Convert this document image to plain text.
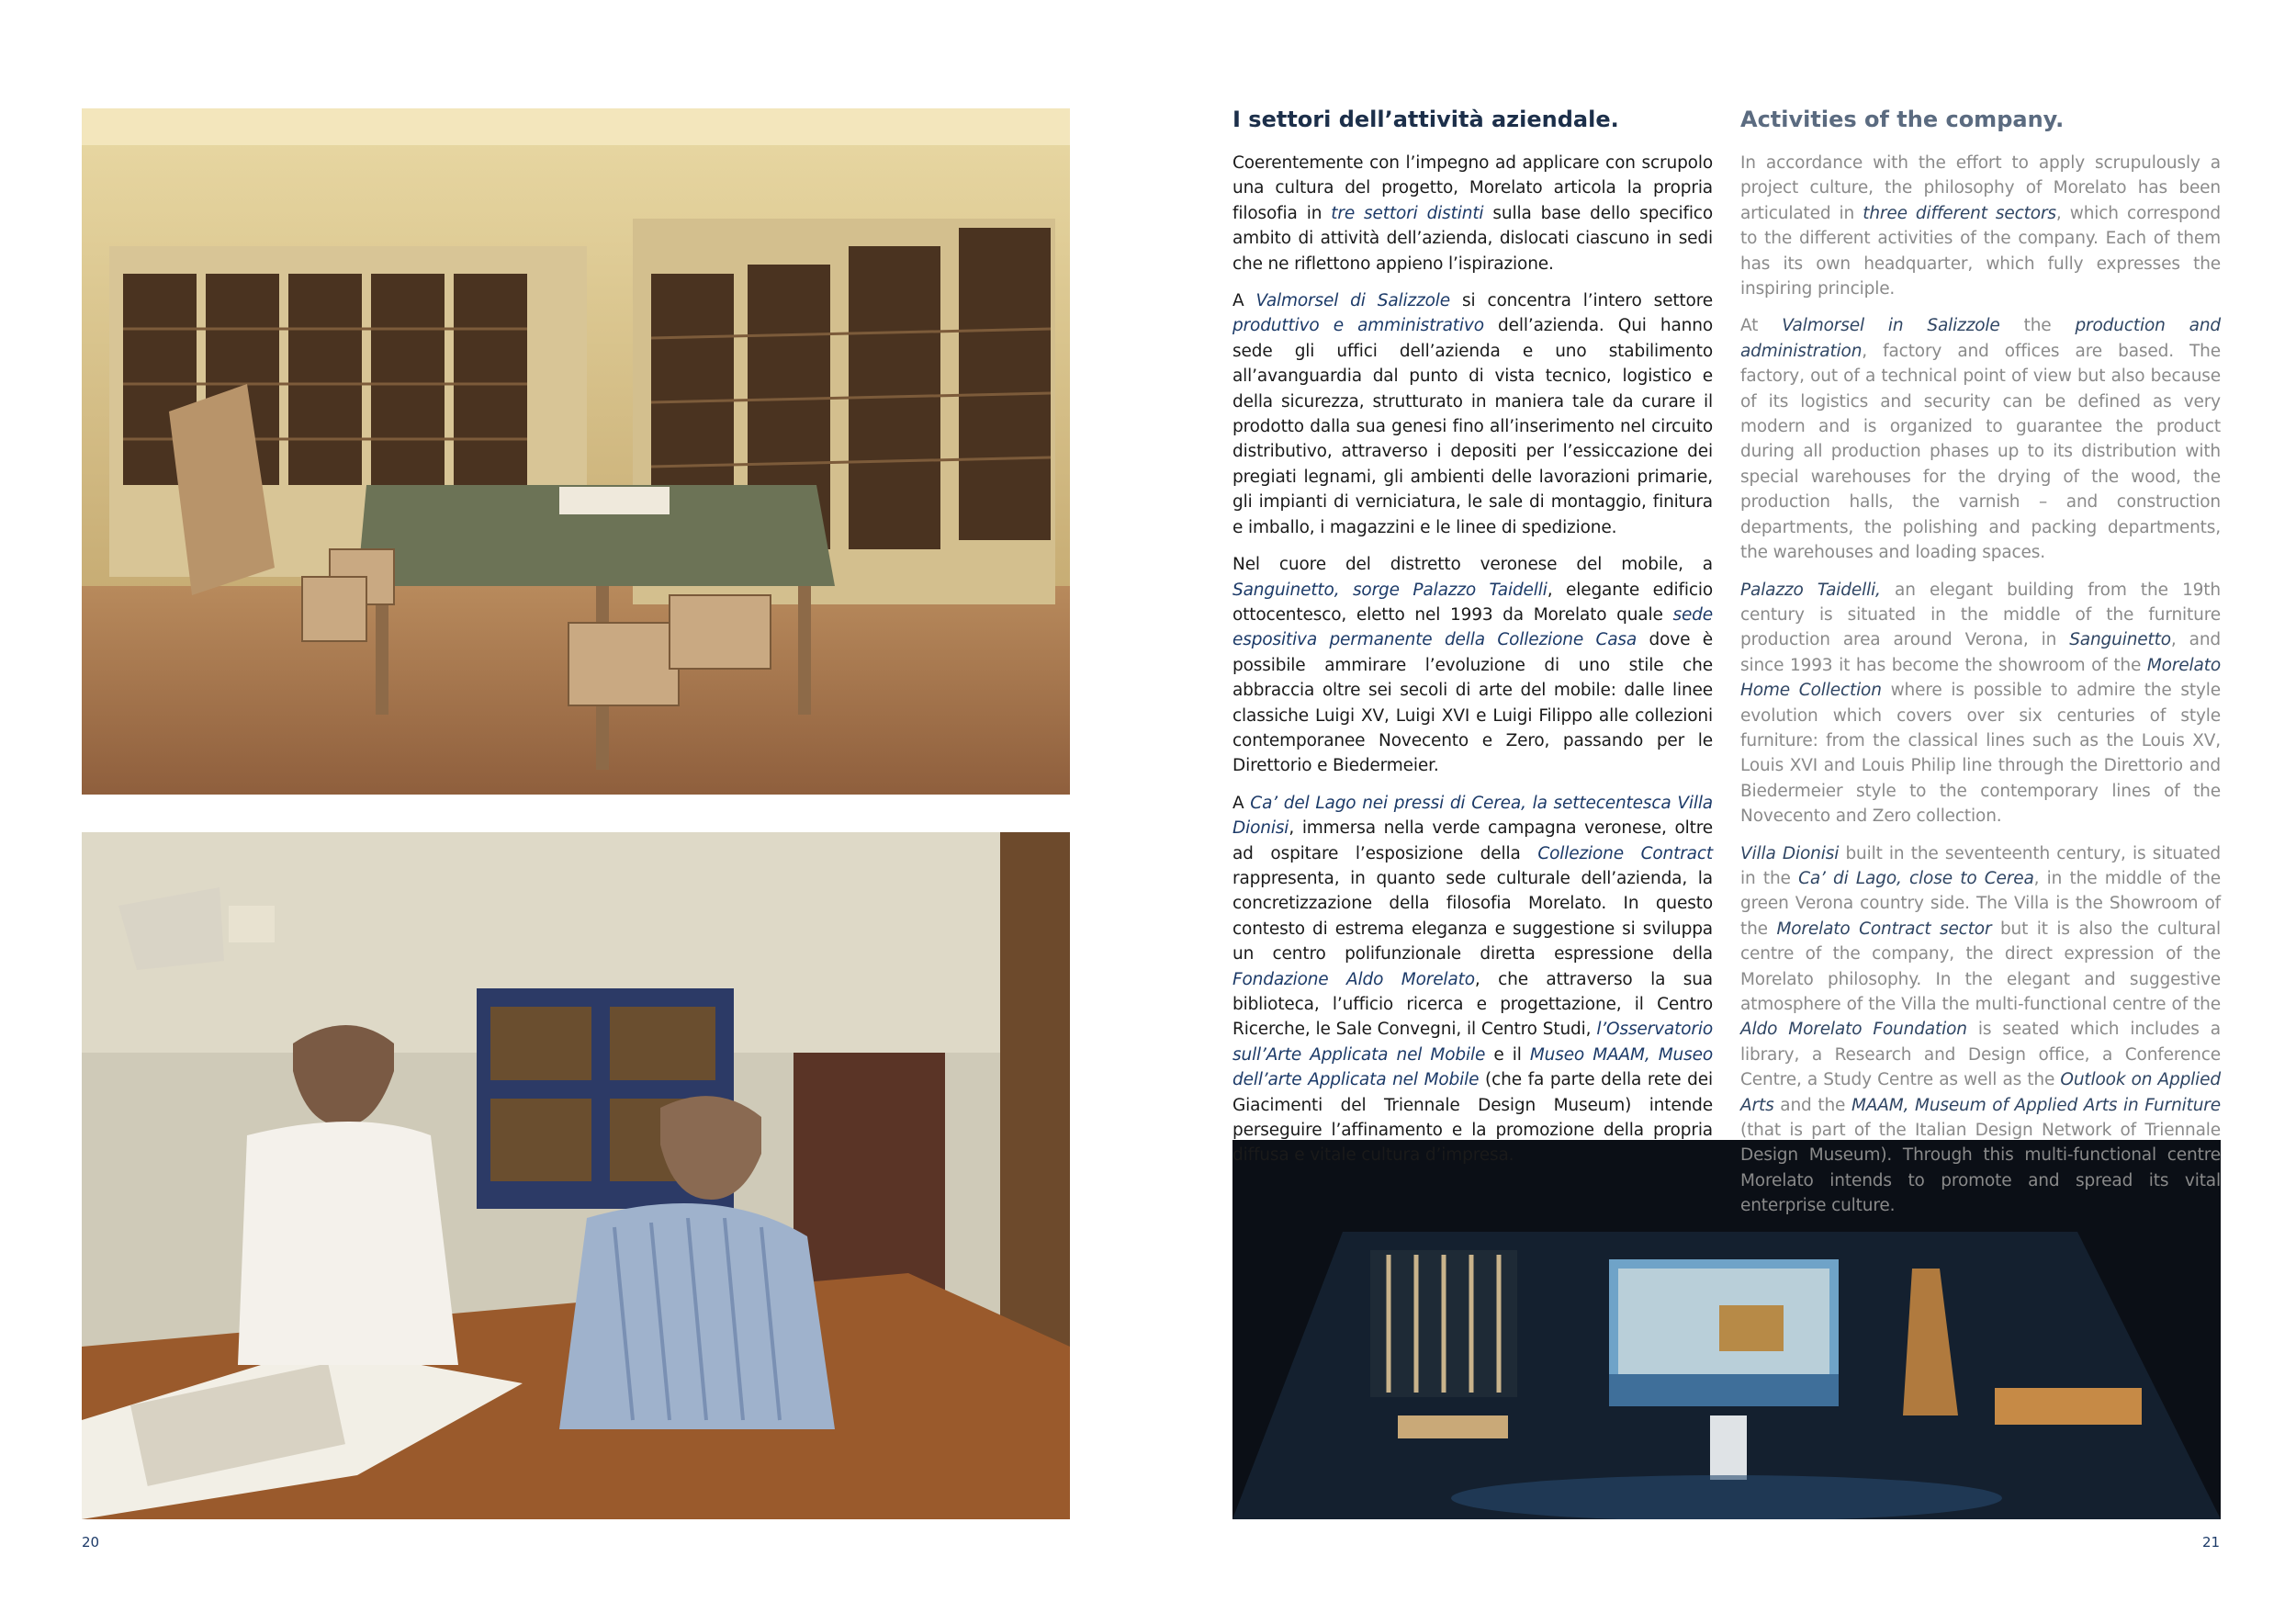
I settori dell’attività aziendale.

Coerentemente con l’impegno ad applicare con scrupolo una cultura del progetto, Morelato articola la propria filosofia in tre settori distinti sulla base dello specifico ambito di attività dell’azienda, dislocati ciascuno in sedi che ne riflettono appieno l’ispirazione.

A Valmorsel di Salizzole si concentra l’intero settore produttivo e amministrativo dell’azienda. Qui hanno sede gli uffici dell’azienda e uno stabilimento all’avanguardia dal punto di vista tecnico, logistico e della sicurezza, strutturato in maniera tale da curare il prodotto dalla sua genesi fino all’inserimento nel circuito distributivo, attraverso i depositi per l’essiccazione dei pregiati legnami, gli ambienti delle lavorazioni primarie, gli impianti di verniciatura, le sale di montaggio, finitura e imballo, i magazzini e le linee di spedizione.

Nel cuore del distretto veronese del mobile, a Sanguinetto, sorge Palazzo Taidelli, elegante edificio ottocentesco, eletto nel 1993 da Morelato quale sede espositiva permanente della Collezione Casa dove è possibile ammirare l’evoluzione di uno stile che abbraccia oltre sei secoli di arte del mobile: dalle linee classiche Luigi XV, Luigi XVI e Luigi Filippo alle collezioni contemporanee Novecento e Zero, passando per le Direttorio e Biedermeier.

A Ca’ del Lago nei pressi di Cerea, la settecentesca Villa Dionisi, immersa nella verde campagna veronese, oltre ad ospitare l’esposizione della Collezione Contract rappresenta, in quanto sede culturale dell’azienda, la concretizzazione della filosofia Morelato. In questo contesto di estrema eleganza e suggestione si sviluppa un centro polifunzionale diretta espressione della Fondazione Aldo Morelato, che attraverso la sua biblioteca, l’ufficio ricerca e progettazione, il Centro Ricerche, le Sale Convegni, il Centro Studi, l’Osservatorio sull’Arte Applicata nel Mobile e il Museo MAAM, Museo dell’arte Applicata nel Mobile (che fa parte della rete dei Giacimenti del Triennale Design Museum) intende perseguire l’affinamento e la promozione della propria diffusa e vitale cultura d’impresa.

Activities of the company.

In accordance with the effort to apply scrupulously a project culture, the philosophy of Morelato has been articulated in three different sectors, which correspond to the different activities of the company. Each of them has its own headquarter, which fully expresses the inspiring principle.

At Valmorsel in Salizzole the production and administration, factory and offices are based. The factory, out of a technical point of view but also because of its logistics and security can be defined as very modern and is organized to guarantee the product during all production phases up to its distribution with special warehouses for the drying of the wood, the production halls, the varnish – and construction departments, the polishing and packing departments, the warehouses and loading spaces.

Palazzo Taidelli, an elegant building from the 19th century is situated in the middle of the furniture production area around Verona, in Sanguinetto, and since 1993 it has become the showroom of the Morelato Home Collection where is possible to admire the style evolution which covers over six centuries of style furniture: from the classical lines such as the Louis XV, Louis XVI and Louis Philip line through the Direttorio and Biedermeier style to the contemporary lines of the Novecento and Zero collection.

Villa Dionisi built in the seventeenth century, is situated in the Ca’ di Lago, close to Cerea, in the middle of the green Verona country side. The Villa is the Showroom of the Morelato Contract sector but it is also the cultural centre of the company, the direct expression of the Morelato philosophy. In the elegant and suggestive atmosphere of the Villa the multi-functional centre of the Aldo Morelato Foundation is seated which includes a library, a Research and Design office, a Conference Centre, a Study Centre as well as the Outlook on Applied Arts and the MAAM, Museum of Applied Arts in Furniture (that is part of the Italian Design Network of Triennale Design Museum). Through this multi-functional centre Morelato intends to promote and spread its vital enterprise culture.

20	21
